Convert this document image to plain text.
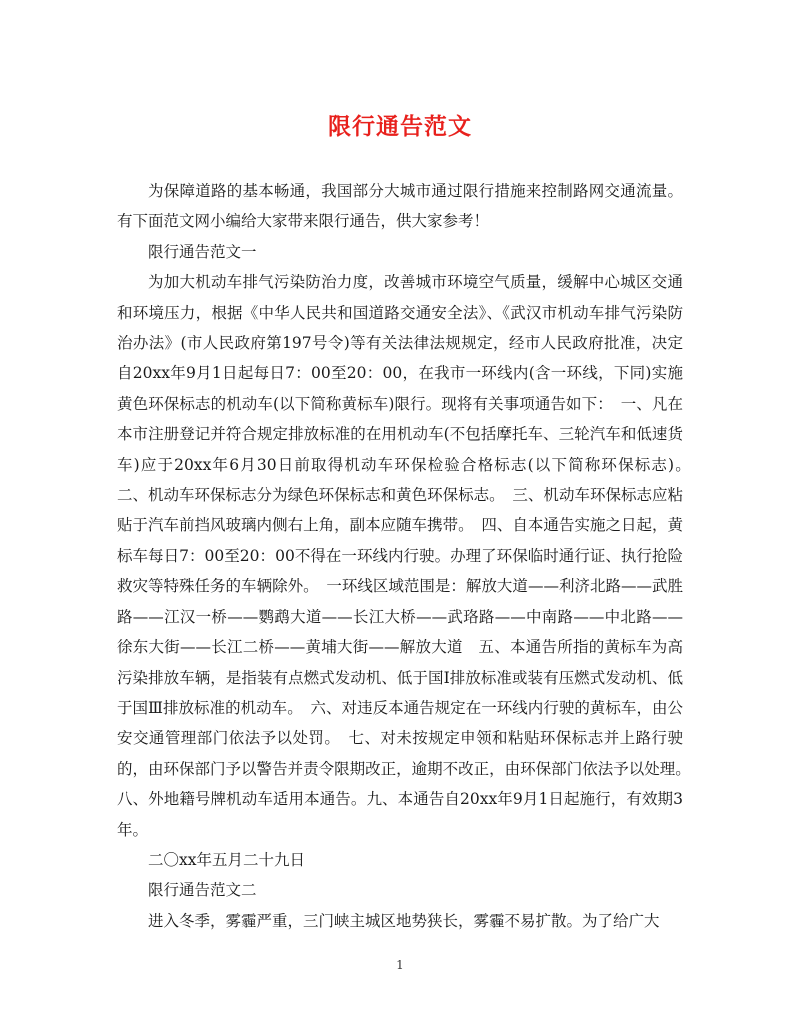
限行通告范文

为保障道路的基本畅通，我国部分大城市通过限行措施来控制路网交通流量。有下面范文网小编给大家带来限行通告，供大家参考！

限行通告范文一

为加大机动车排气污染防治力度，改善城市环境空气质量，缓解中心城区交通和环境压力，根据《中华人民共和国道路交通安全法》、《武汉市机动车排气污染防治办法》(市人民政府第197号令)等有关法律法规规定，经市人民政府批准，决定自20xx年9月1日起每日7：00至20：00，在我市一环线内(含一环线，下同)实施黄色环保标志的机动车(以下简称黄标车)限行。现将有关事项通告如下：　一、凡在本市注册登记并符合规定排放标准的在用机动车(不包括摩托车、三轮汽车和低速货车)应于20xx年6月30日前取得机动车环保检验合格标志(以下简称环保标志)。　二、机动车环保标志分为绿色环保标志和黄色环保标志。　三、机动车环保标志应粘贴于汽车前挡风玻璃内侧右上角，副本应随车携带。　四、自本通告实施之日起，黄标车每日7：00至20：00不得在一环线内行驶。办理了环保临时通行证、执行抢险救灾等特殊任务的车辆除外。　一环线区域范围是：解放大道——利济北路——武胜路——江汉一桥——鹦鹉大道——长江大桥——武珞路——中南路——中北路——徐东大街——长江二桥——黄埔大街——解放大道　五、本通告所指的黄标车为高污染排放车辆，是指装有点燃式发动机、低于国Ⅰ排放标准或装有压燃式发动机、低于国Ⅲ排放标准的机动车。　六、对违反本通告规定在一环线内行驶的黄标车，由公安交通管理部门依法予以处罚。　七、对未按规定申领和粘贴环保标志并上路行驶的，由环保部门予以警告并责令限期改正，逾期不改正，由环保部门依法予以处理。　八、外地籍号牌机动车适用本通告。九、本通告自20xx年9月1日起施行，有效期3年。

二〇xx年五月二十九日

限行通告范文二

进入冬季，雾霾严重，三门峡主城区地势狭长，雾霾不易扩散。为了给广大

1
